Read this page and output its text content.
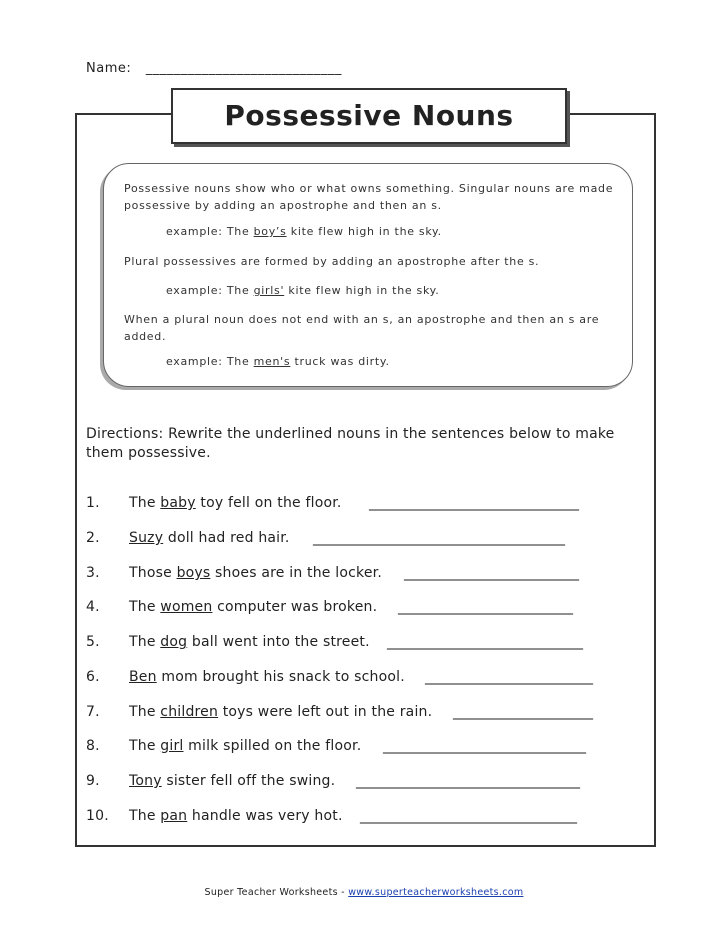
Name: ____________________________
Possessive Nouns
Possessive nouns show who or what owns something. Singular nouns are made
possessive by adding an apostrophe and then an s.
example: The boy’s kite flew high in the sky.
Plural possessives are formed by adding an apostrophe after the s.
example: The girls' kite flew high in the sky.
When a plural noun does not end with an s, an apostrophe and then an s are
added.
example: The men's truck was dirty.
Directions: Rewrite the underlined nouns in the sentences below to make
them possessive.
1. The baby toy fell on the floor. ______________________________
2. Suzy doll had red hair. ____________________________________
3. Those boys shoes are in the locker. _________________________
4. The women computer was broken. _________________________
5. The dog ball went into the street. ____________________________
6. Ben mom brought his snack to school. ________________________
7. The children toys were left out in the rain. ____________________
8. The girl milk spilled on the floor. _____________________________
9. Tony sister fell off the swing. ________________________________
10. The pan handle was very hot. _______________________________
Super Teacher Worksheets - www.superteacherworksheets.com
